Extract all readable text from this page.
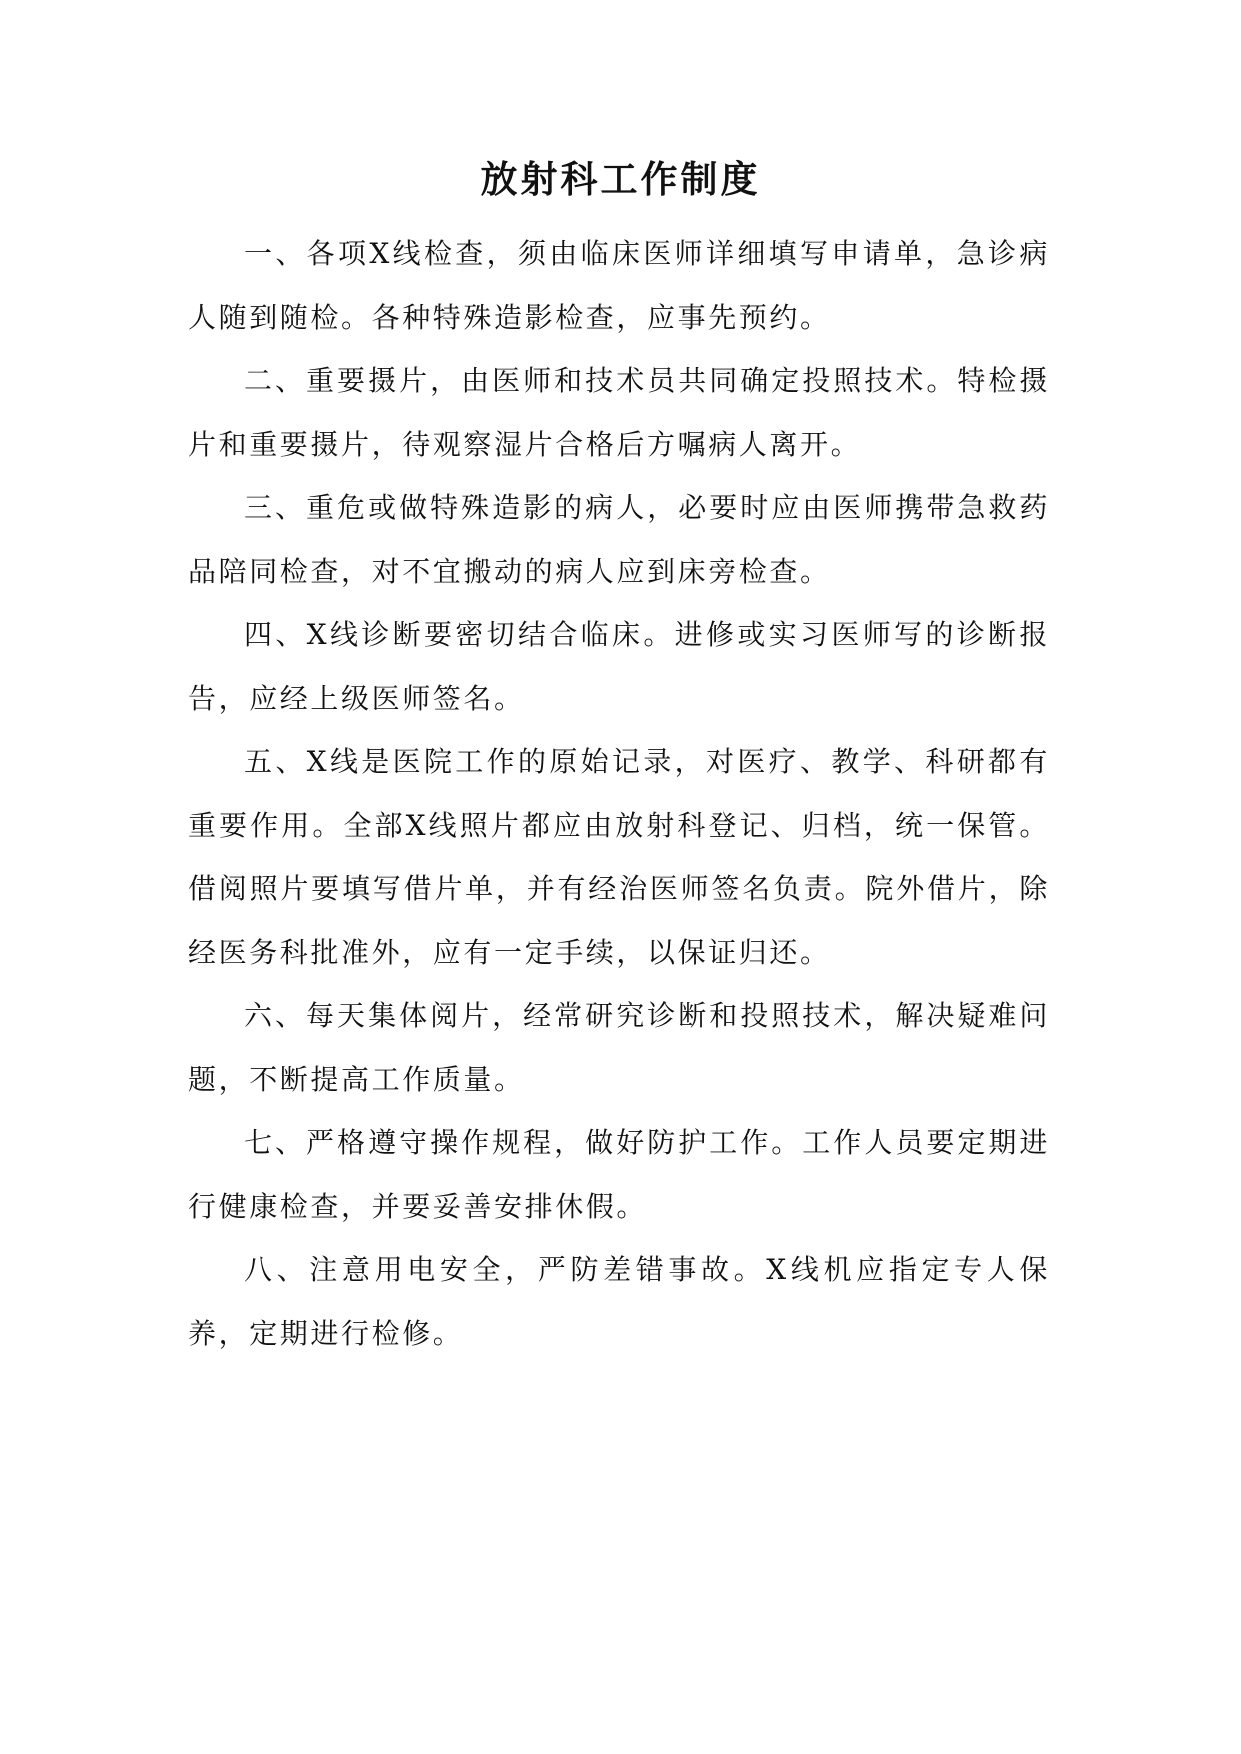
放射科工作制度

一、各项X线检查，须由临床医师详细填写申请单，急诊病人随到随检。各种特殊造影检查，应事先预约。

二、重要摄片，由医师和技术员共同确定投照技术。特检摄片和重要摄片，待观察湿片合格后方嘱病人离开。

三、重危或做特殊造影的病人，必要时应由医师携带急救药品陪同检查，对不宜搬动的病人应到床旁检查。

四、X线诊断要密切结合临床。进修或实习医师写的诊断报告，应经上级医师签名。

五、X线是医院工作的原始记录，对医疗、教学、科研都有重要作用。全部X线照片都应由放射科登记、归档，统一保管。借阅照片要填写借片单，并有经治医师签名负责。院外借片，除经医务科批准外，应有一定手续，以保证归还。

六、每天集体阅片，经常研究诊断和投照技术，解决疑难问题，不断提高工作质量。

七、严格遵守操作规程，做好防护工作。工作人员要定期进行健康检查，并要妥善安排休假。

八、注意用电安全，严防差错事故。X线机应指定专人保养，定期进行检修。
